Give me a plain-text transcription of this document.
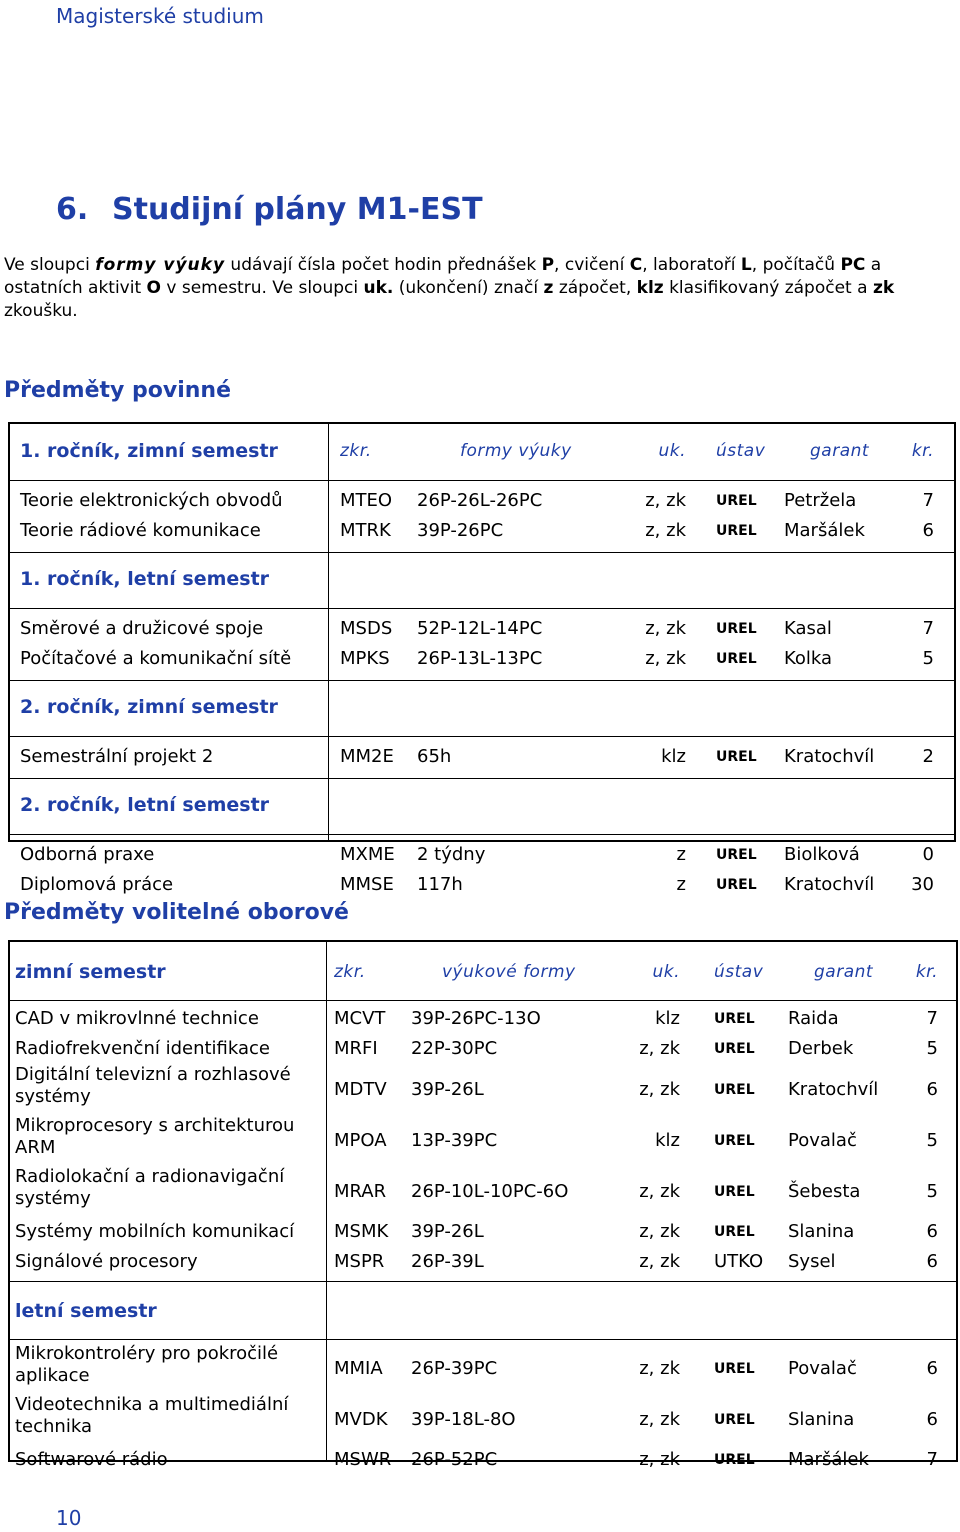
Magisterské studium
6. Studijní plány M1-EST
Ve sloupci formy výuky udávají čísla počet hodin přednášek P, cvičení C, laboratoří L, počítačů PC a ostatních aktivit O v semestru. Ve sloupci uk. (ukončení) značí z zápočet, klz klasifikovaný zápočet a zk zkoušku.
Předměty povinné
1. ročník, zimní semestr	zkr.	formy výuky	uk. ústav	garant	kr.
Teorie elektronických obvodů	MTEO 26P-26L-26PC	z, zk UREL Petržela	7
Teorie rádiové komunikace	MTRK 39P-26PC	z, zk UREL Maršálek	6
1. ročník, letní semestr
Směrové a družicové spoje	MSDS 52P-12L-14PC	z, zk UREL Kasal	7
Počítačové a komunikační sítě	MPKS 26P-13L-13PC	z, zk UREL Kolka	5
2. ročník, zimní semestr
Semestrální projekt 2	MM2E 65h	klz UREL Kratochvíl	2
2. ročník, letní semestr
Odborná praxe	MXME 2 týdny	z UREL Biolková	0
Diplomová práce	MMSE 117h	z UREL Kratochvíl	30
Předměty volitelné oborové
zimní semestr	zkr.	výukové formy	uk. ústav	garant	kr.
CAD v mikrovlnné technice	MCVT 39P-26PC-13O	klz UREL Raida	7
Radiofrekvenční identifikace	MRFI 22P-30PC	z, zk UREL Derbek	5
Digitální televizní a rozhlasové systémy	MDTV 39P-26L	z, zk UREL Kratochvíl	6
Mikroprocesory s architekturou ARM	MPOA 13P-39PC	klz UREL Povalač	5
Radiolokační a radionavigační systémy	MRAR 26P-10L-10PC-6O	z, zk UREL Šebesta	5
Systémy mobilních komunikací MSMK 39P-26L	z, zk UREL Slanina	6
Signálové procesory	MSPR 26P-39L	z, zk UTKO Sysel	6
letní semestr
Mikrokontroléry pro pokročilé aplikace	MMIA 26P-39PC	z, zk UREL Povalač	6
Videotechnika a multimediální technika	MVDK 39P-18L-8O	z, zk UREL Slanina	6
Softwarové rádio	MSWR 26P-52PC	z, zk UREL Maršálek	7
10
